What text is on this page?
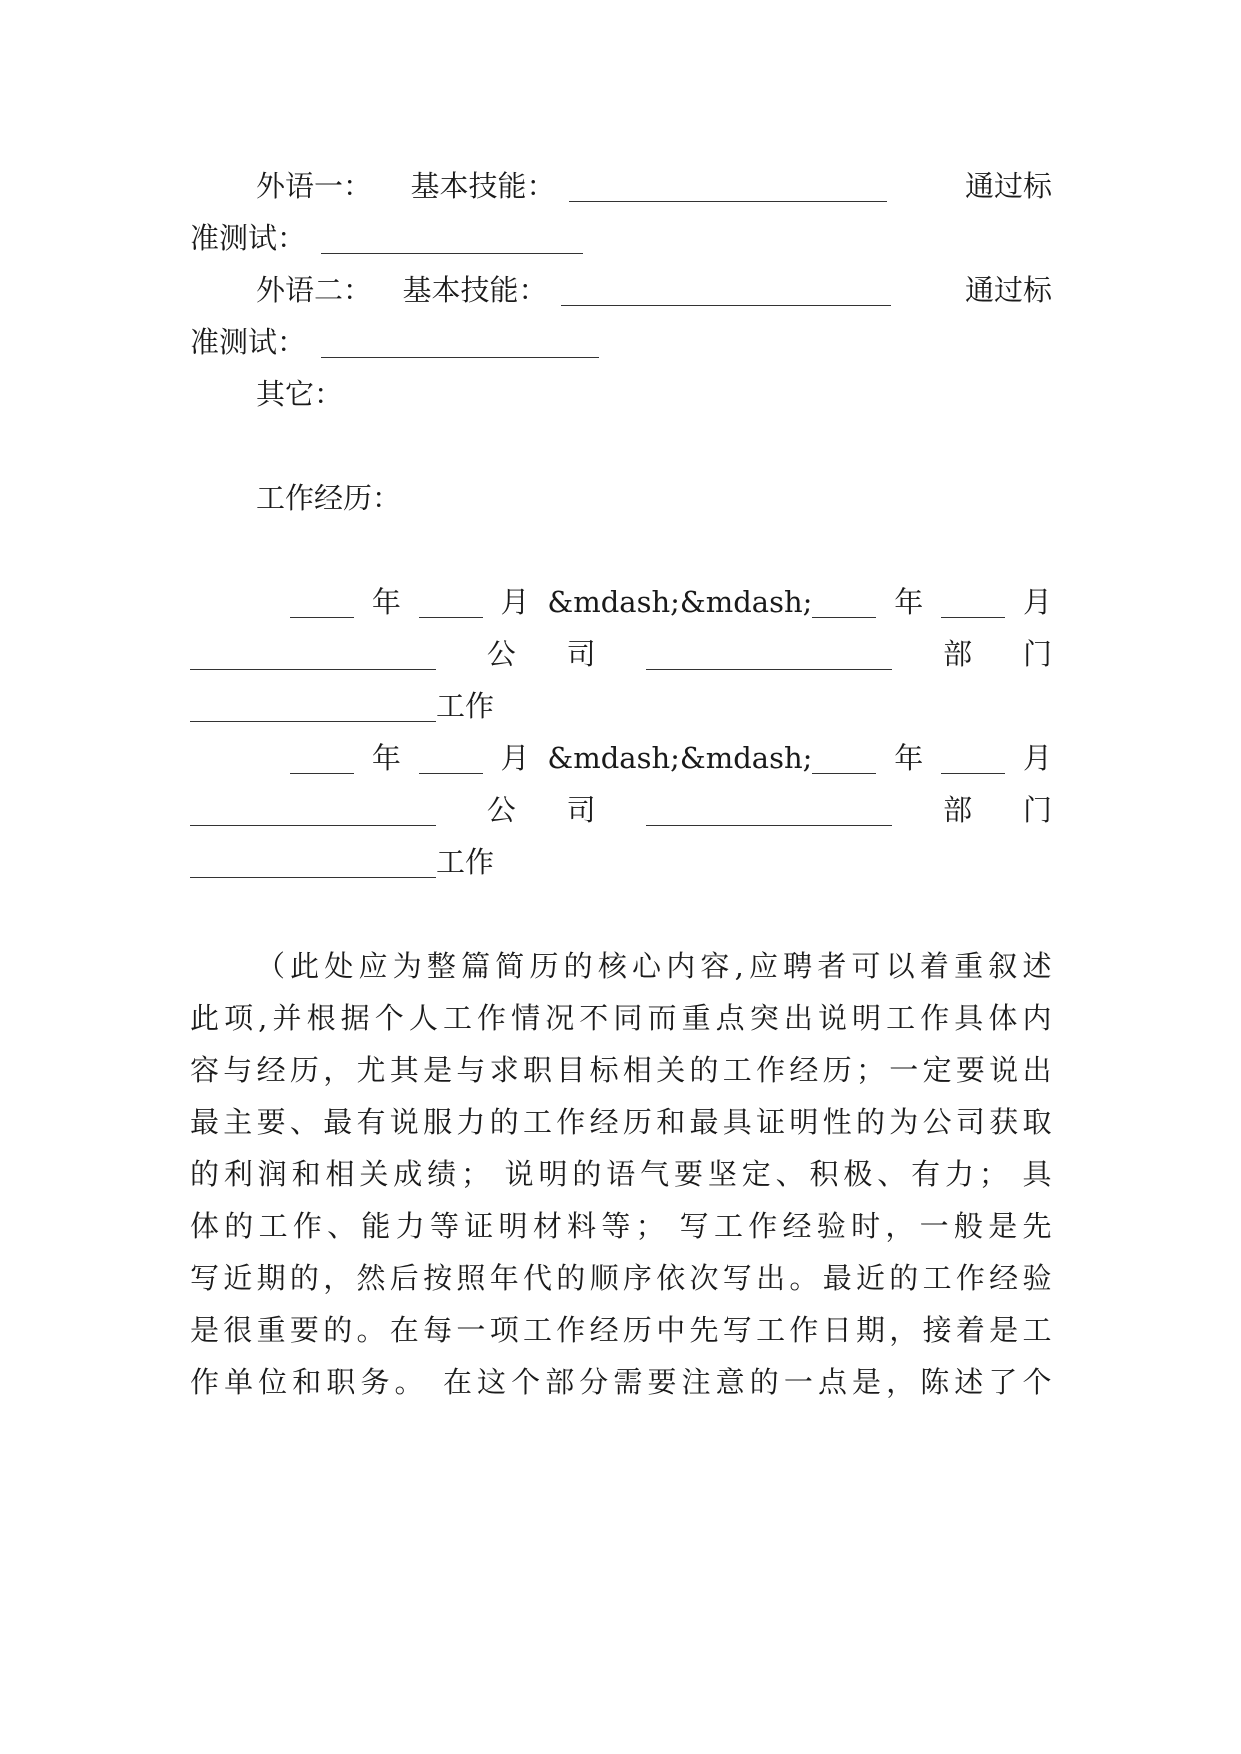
外语一： 基本技能：	通过标
准测试：
外语二： 基本技能：	通过标
准测试：
其它：
工作经历：
年	月 &mdash;&mdash;	年	月
公 司	部 门
工作
年	月 &mdash;&mdash;	年	月
公 司	部 门
工作
（此处应为整篇简历的核心内容,应聘者可以着重叙述
此项,并根据个人工作情况不同而重点突出说明工作具体内
容与经历，尤其是与求职目标相关的工作经历；一定要说出
最主要、最有说服力的工作经历和最具证明性的为公司获取
的利润和相关成绩； 说明的语气要坚定、积极、有力； 具
体的工作、能力等证明材料等； 写工作经验时，一般是先
写近期的，然后按照年代的顺序依次写出。最近的工作经验
是很重要的。在每一项工作经历中先写工作日期，接着是工
作单位和职务。 在这个部分需要注意的一点是，陈述了个
